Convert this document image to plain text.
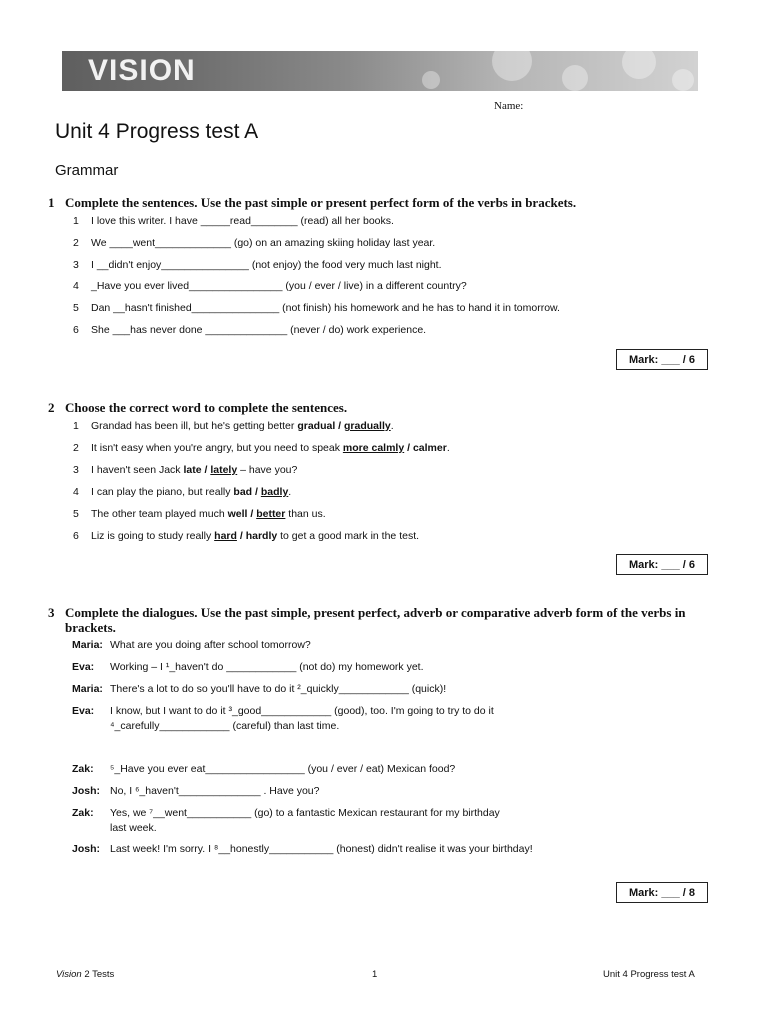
VISION
Name:
Unit 4 Progress test A
Grammar
1 Complete the sentences. Use the past simple or present perfect form of the verbs in brackets.
1 I love this writer. I have _____read________ (read) all her books.
2 We ____went_____________ (go) on an amazing skiing holiday last year.
3 I __didn't enjoy_______________ (not enjoy) the food very much last night.
4 _Have you ever lived________________ (you / ever / live) in a different country?
5 Dan __hasn't finished_______________ (not finish) his homework and he has to hand it in tomorrow.
6 She ___has never done ______________ (never / do) work experience.
Mark: ___ / 6
2 Choose the correct word to complete the sentences.
1 Grandad has been ill, but he's getting better gradual / gradually.
2 It isn't easy when you're angry, but you need to speak more calmly / calmer.
3 I haven't seen Jack late / lately – have you?
4 I can play the piano, but really bad / badly.
5 The other team played much well / better than us.
6 Liz is going to study really hard / hardly to get a good mark in the test.
Mark: ___ / 6
3 Complete the dialogues. Use the past simple, present perfect, adverb or comparative adverb form of the verbs in brackets.
Maria: What are you doing after school tomorrow?
Eva: Working – I ¹_haven't do ____________ (not do) my homework yet.
Maria: There's a lot to do so you'll have to do it ²_quickly____________ (quick)!
Eva: I know, but I want to do it ³_good____________ (good), too. I'm going to try to do it ⁴_carefully____________ (careful) than last time.
Zak: ⁵_Have you ever eat_________________ (you / ever / eat) Mexican food?
Josh: No, I ⁶_haven't______________ . Have you?
Zak: Yes, we ⁷__went___________ (go) to a fantastic Mexican restaurant for my birthday last week.
Josh: Last week! I'm sorry. I ⁸__honestly___________ (honest) didn't realise it was your birthday!
Mark: ___ / 8
Vision 2 Tests	1	Unit 4 Progress test A
